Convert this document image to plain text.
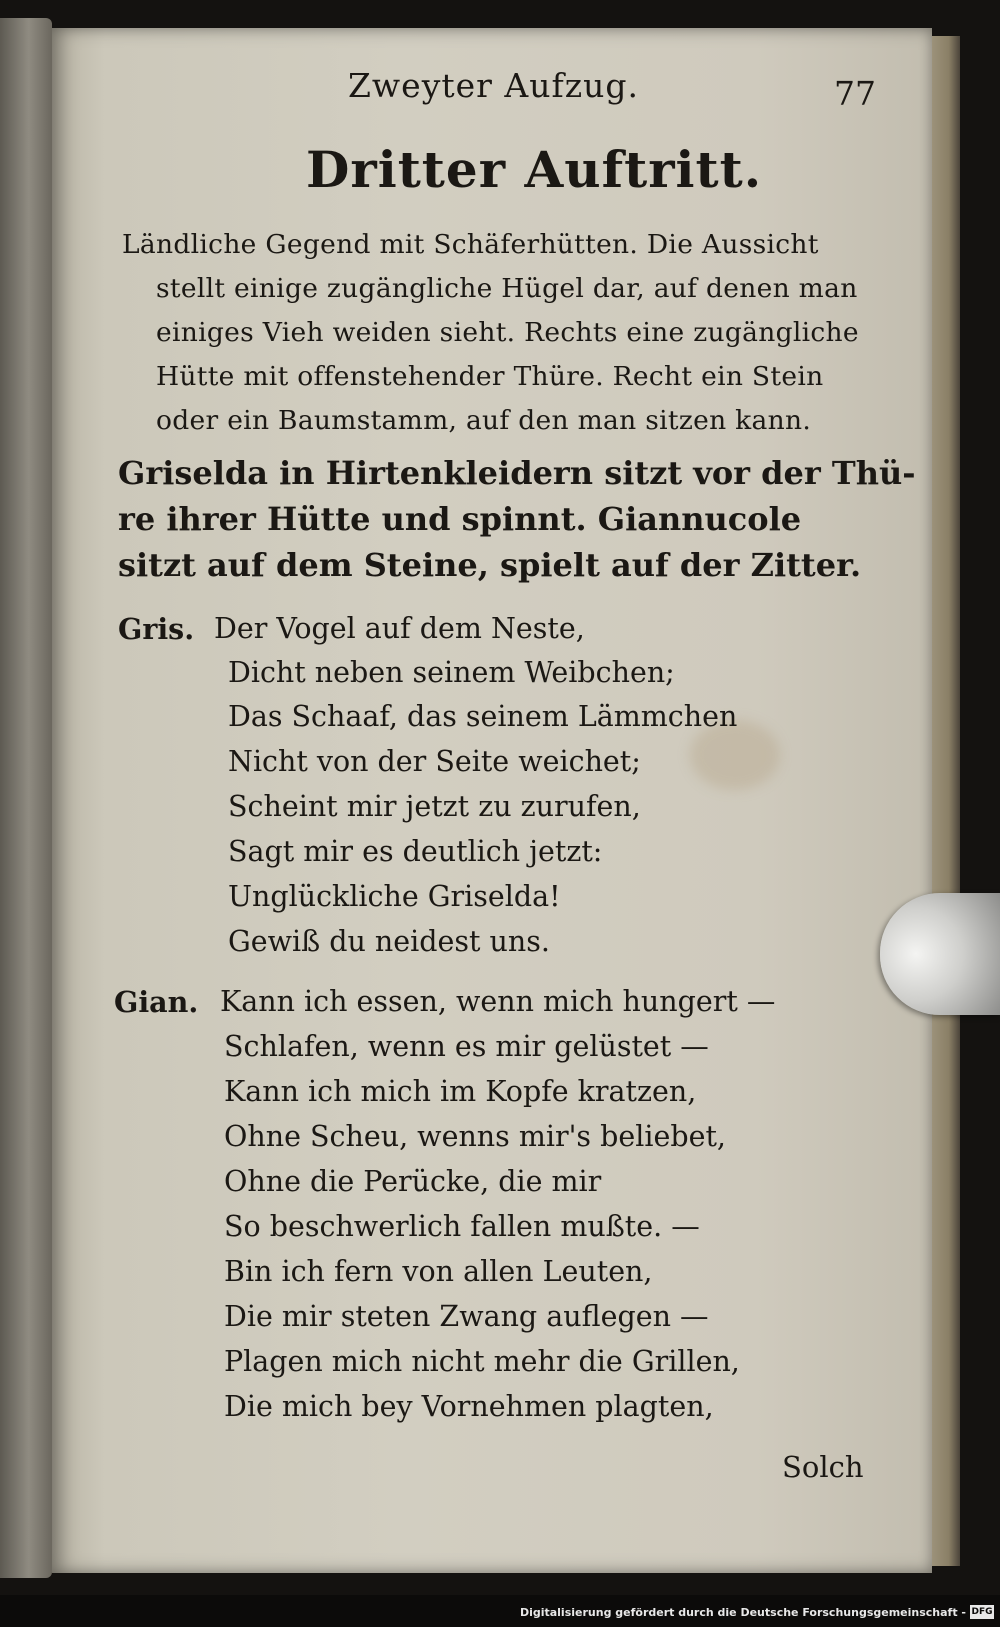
Zweyter Aufzug.	77
Dritter Auftritt.
Ländliche Gegend mit Schäferhütten. Die Aussicht
stellt einige zugängliche Hügel dar, auf denen man
einiges Vieh weiden sieht. Rechts eine zugängliche
Hütte mit offenstehender Thüre. Recht ein Stein
oder ein Baumstamm, auf den man sitzen kann.
Griselda in Hirtenkleidern sitzt vor der Thü-
re ihrer Hütte und spinnt. Giannucole
sitzt auf dem Steine, spielt auf der Zitter.
Gris. Der Vogel auf dem Neste,
Dicht neben seinem Weibchen;
Das Schaaf, das seinem Lämmchen
Nicht von der Seite weichet;
Scheint mir jetzt zu zurufen,
Sagt mir es deutlich jetzt:
Unglückliche Griselda!
Gewiß du neidest uns.
Gian. Kann ich essen, wenn mich hungert —
Schlafen, wenn es mir gelüstet —
Kann ich mich im Kopfe kratzen,
Ohne Scheu, wenns mir's beliebet,
Ohne die Perücke, die mir
So beschwerlich fallen mußte. —
Bin ich fern von allen Leuten,
Die mir steten Zwang auflegen —
Plagen mich nicht mehr die Grillen,
Die mich bey Vornehmen plagten,
Solch
Digitalisierung gefördert durch die Deutsche Forschungsgemeinschaft - DFG
